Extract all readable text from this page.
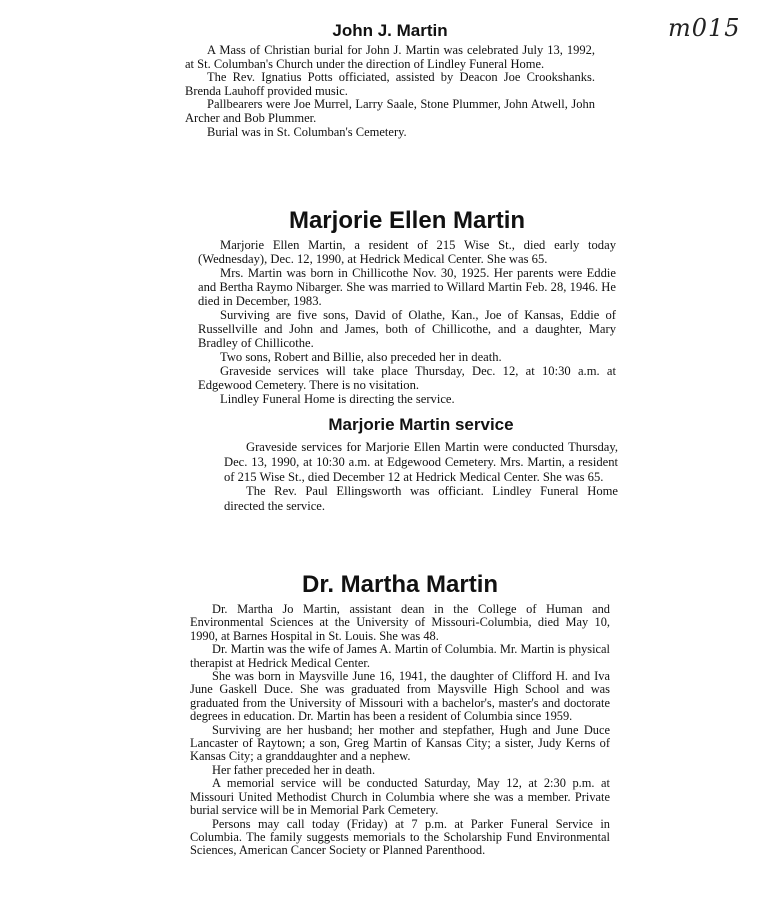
m015
John J. Martin

A Mass of Christian burial for John J. Martin was celebrated July 13, 1992, at St. Columban's Church under the direction of Lindley Funeral Home.

The Rev. Ignatius Potts officiated, assisted by Deacon Joe Crookshanks. Brenda Lauhoff provided music.

Pallbearers were Joe Murrel, Larry Saale, Stone Plummer, John Atwell, John Archer and Bob Plummer.

Burial was in St. Columban's Cemetery.

Marjorie Ellen Martin

Marjorie Ellen Martin, a resident of 215 Wise St., died early today (Wednesday), Dec. 12, 1990, at Hedrick Medical Center. She was 65.

Mrs. Martin was born in Chillicothe Nov. 30, 1925. Her parents were Eddie and Bertha Raymo Nibarger. She was married to Willard Martin Feb. 28, 1946. He died in December, 1983.

Surviving are five sons, David of Olathe, Kan., Joe of Kansas, Eddie of Russellville and John and James, both of Chillicothe, and a daughter, Mary Bradley of Chillicothe.

Two sons, Robert and Billie, also preceded her in death.

Graveside services will take place Thursday, Dec. 12, at 10:30 a.m. at Edgewood Cemetery. There is no visitation.

Lindley Funeral Home is directing the service.

Marjorie Martin service

Graveside services for Marjorie Ellen Martin were conducted Thursday, Dec. 13, 1990, at 10:30 a.m. at Edgewood Cemetery. Mrs. Martin, a resident of 215 Wise St., died December 12 at Hedrick Medical Center. She was 65.

The Rev. Paul Ellingsworth was officiant. Lindley Funeral Home directed the service.

Dr. Martha Martin

Dr. Martha Jo Martin, assistant dean in the College of Human and Environmental Sciences at the University of Missouri-Columbia, died May 10, 1990, at Barnes Hospital in St. Louis. She was 48.

Dr. Martin was the wife of James A. Martin of Columbia. Mr. Martin is physical therapist at Hedrick Medical Center.

She was born in Maysville June 16, 1941, the daughter of Clifford H. and Iva June Gaskell Duce. She was graduated from Maysville High School and was graduated from the University of Missouri with a bachelor's, master's and doctorate degrees in education. Dr. Martin has been a resident of Columbia since 1959.

Surviving are her husband; her mother and stepfather, Hugh and June Duce Lancaster of Raytown; a son, Greg Martin of Kansas City; a sister, Judy Kerns of Kansas City; a granddaughter and a nephew.

Her father preceded her in death.

A memorial service will be conducted Saturday, May 12, at 2:30 p.m. at Missouri United Methodist Church in Columbia where she was a member. Private burial service will be in Memorial Park Cemetery.

Persons may call today (Friday) at 7 p.m. at Parker Funeral Service in Columbia. The family suggests memorials to the Scholarship Fund Environmental Sciences, American Cancer Society or Planned Parenthood.
